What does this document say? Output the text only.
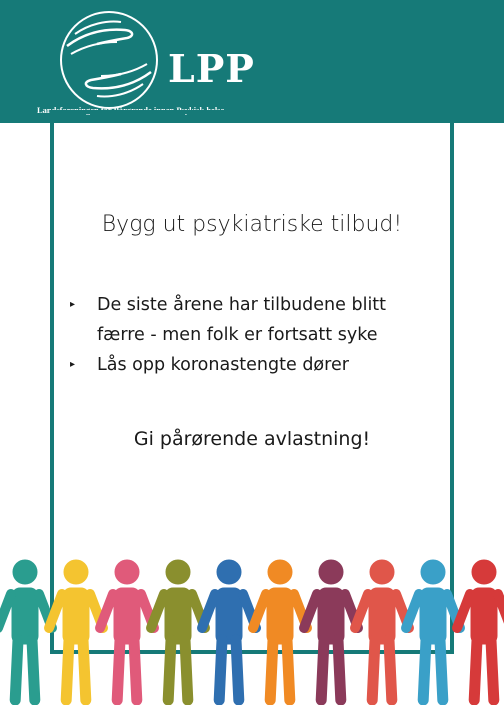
LPP
Landsforeningen for Pårørende innen Psykisk helse
Bygg ut psykiatriske tilbud!
▸ De siste årene har tilbudene blitt
færre - men folk er fortsatt syke
▸ Lås opp koronastengte dører
Gi pårørende avlastning!
